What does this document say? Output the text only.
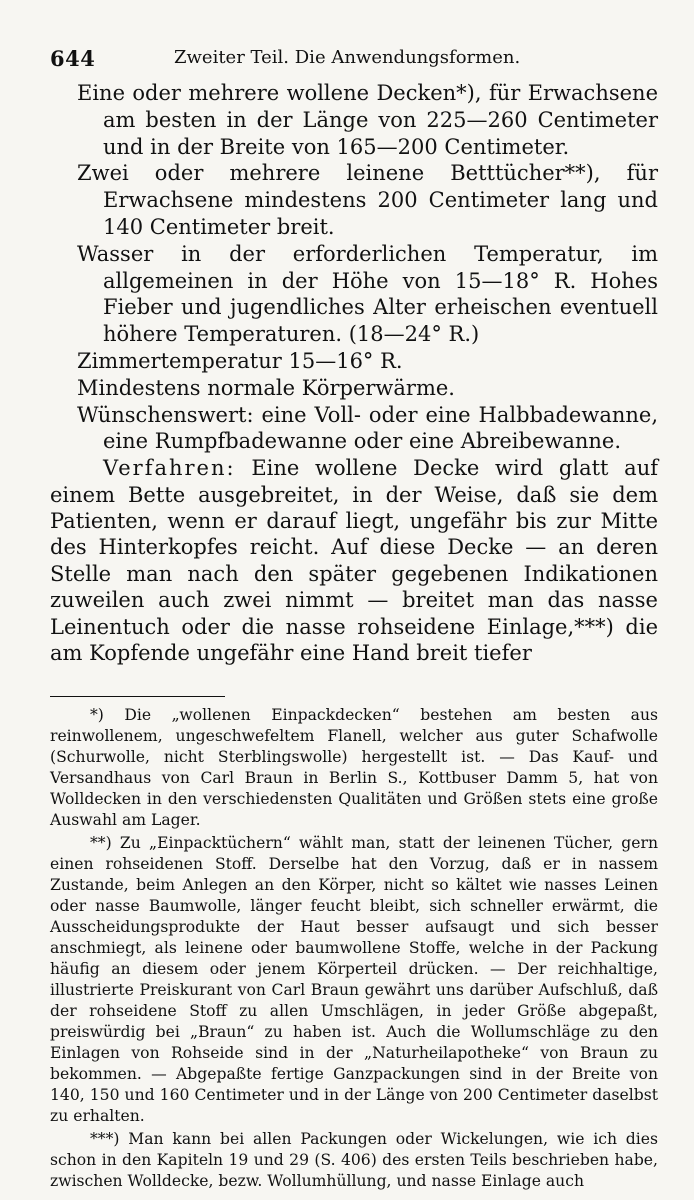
644	Zweiter Teil. Die Anwendungsformen.

Eine oder mehrere wollene Decken*), für Erwachsene am besten in der Länge von 225—260 Centimeter und in der Breite von 165—200 Centimeter.

Zwei oder mehrere leinene Betttücher**), für Erwachsene mindestens 200 Centimeter lang und 140 Centimeter breit.

Wasser in der erforderlichen Temperatur, im allgemeinen in der Höhe von 15—18° R. Hohes Fieber und jugendliches Alter erheischen eventuell höhere Temperaturen. (18—24° R.)

Zimmertemperatur 15—16° R.

Mindestens normale Körperwärme.

Wünschenswert: eine Voll- oder eine Halbbadewanne, eine Rumpfbadewanne oder eine Abreibewanne.

Verfahren: Eine wollene Decke wird glatt auf einem Bette ausgebreitet, in der Weise, daß sie dem Patienten, wenn er darauf liegt, ungefähr bis zur Mitte des Hinterkopfes reicht. Auf diese Decke — an deren Stelle man nach den später gegebenen Indikationen zuweilen auch zwei nimmt — breitet man das nasse Leinentuch oder die nasse rohseidene Einlage,***) die am Kopfende ungefähr eine Hand breit tiefer

*) Die „wollenen Einpackdecken“ bestehen am besten aus reinwollenem, ungeschwefeltem Flanell, welcher aus guter Schafwolle (Schurwolle, nicht Sterblingswolle) hergestellt ist. — Das Kauf- und Versandhaus von Carl Braun in Berlin S., Kottbuser Damm 5, hat von Wolldecken in den verschiedensten Qualitäten und Größen stets eine große Auswahl am Lager.

**) Zu „Einpacktüchern“ wählt man, statt der leinenen Tücher, gern einen rohseidenen Stoff. Derselbe hat den Vorzug, daß er in nassem Zustande, beim Anlegen an den Körper, nicht so kältet wie nasses Leinen oder nasse Baumwolle, länger feucht bleibt, sich schneller erwärmt, die Ausscheidungsprodukte der Haut besser aufsaugt und sich besser anschmiegt, als leinene oder baumwollene Stoffe, welche in der Packung häufig an diesem oder jenem Körperteil drücken. — Der reichhaltige, illustrierte Preiskurant von Carl Braun gewährt uns darüber Aufschluß, daß der rohseidene Stoff zu allen Umschlägen, in jeder Größe abgepaßt, preiswürdig bei „Braun“ zu haben ist. Auch die Wollumschläge zu den Einlagen von Rohseide sind in der „Naturheilapotheke“ von Braun zu bekommen. — Abgepaßte fertige Ganzpackungen sind in der Breite von 140, 150 und 160 Centimeter und in der Länge von 200 Centimeter daselbst zu erhalten.

***) Man kann bei allen Packungen oder Wickelungen, wie ich dies schon in den Kapiteln 19 und 29 (S. 406) des ersten Teils beschrieben habe, zwischen Wolldecke, bezw. Wollumhüllung, und nasse Einlage auch
